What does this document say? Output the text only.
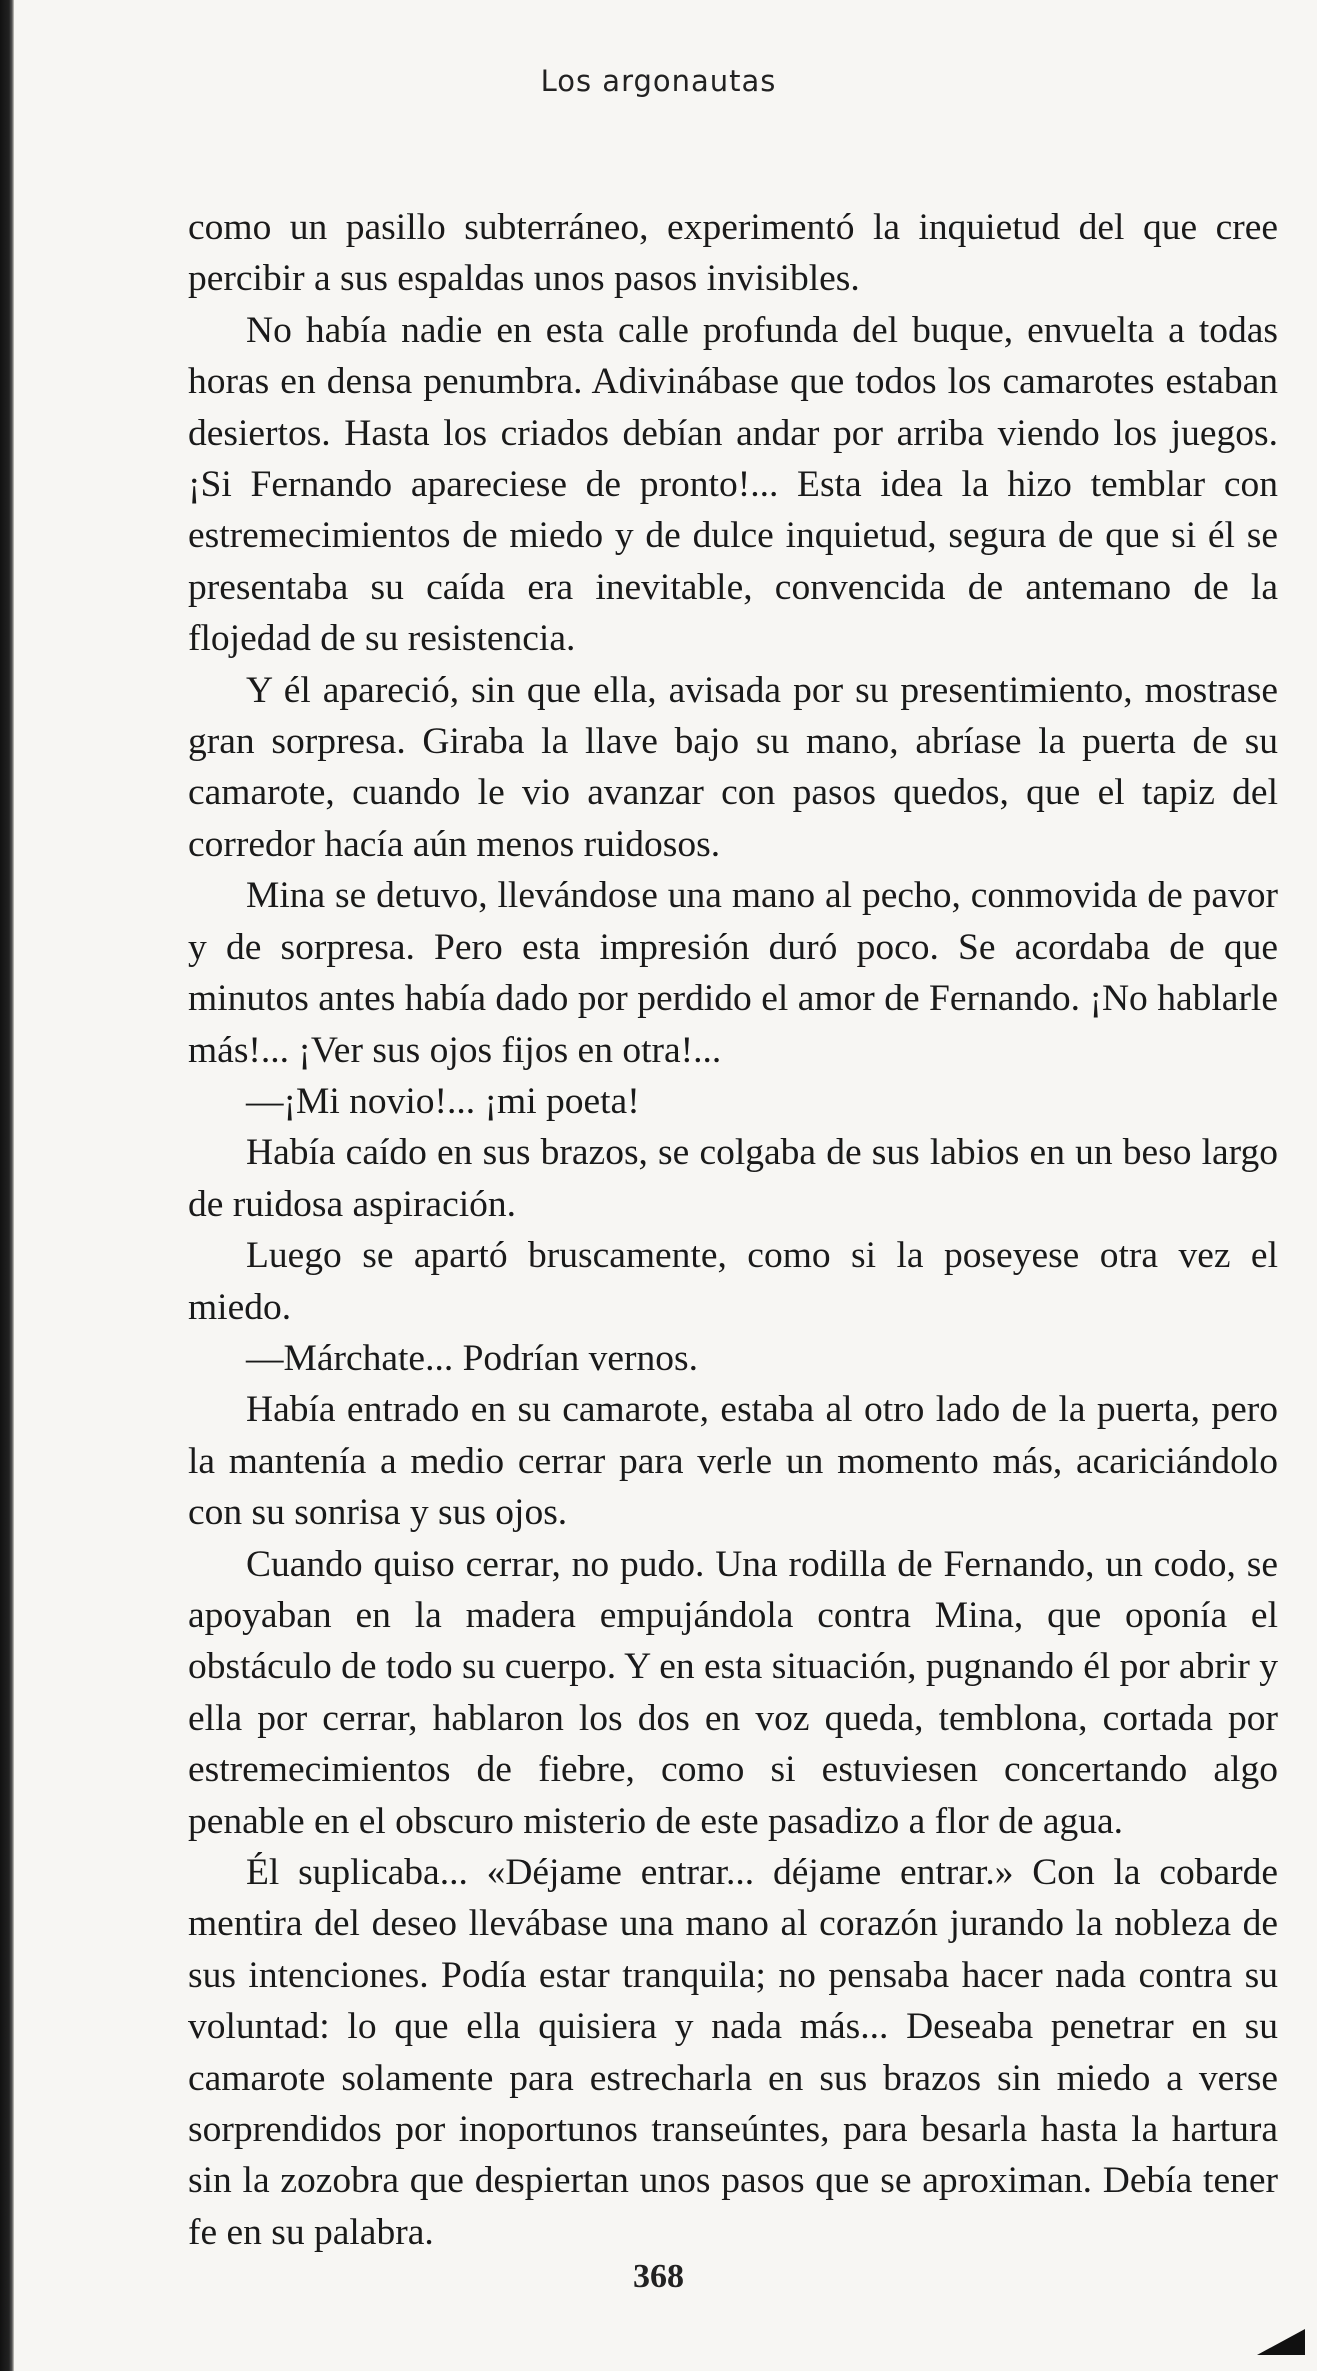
Los argonautas

como un pasillo subterráneo, experimentó la inquietud del que cree percibir a sus espaldas unos pasos invisibles.

No había nadie en esta calle profunda del buque, envuelta a todas horas en densa penumbra. Adivinábase que todos los camarotes estaban desiertos. Hasta los criados debían andar por arriba viendo los juegos. ¡Si Fernando apareciese de pronto!... Esta idea la hizo temblar con estremecimientos de miedo y de dulce inquietud, segura de que si él se presentaba su caída era inevitable, convencida de antemano de la flojedad de su resistencia.

Y él apareció, sin que ella, avisada por su presentimiento, mostrase gran sorpresa. Giraba la llave bajo su mano, abríase la puerta de su camarote, cuando le vio avanzar con pasos quedos, que el tapiz del corredor hacía aún menos ruidosos.

Mina se detuvo, llevándose una mano al pecho, conmovida de pavor y de sorpresa. Pero esta impresión duró poco. Se acordaba de que minutos antes había dado por perdido el amor de Fernando. ¡No hablarle más!... ¡Ver sus ojos fijos en otra!...

—¡Mi novio!... ¡mi poeta!

Había caído en sus brazos, se colgaba de sus labios en un beso largo de ruidosa aspiración.

Luego se apartó bruscamente, como si la poseyese otra vez el miedo.

—Márchate... Podrían vernos.

Había entrado en su camarote, estaba al otro lado de la puerta, pero la mantenía a medio cerrar para verle un momento más, acariciándolo con su sonrisa y sus ojos.

Cuando quiso cerrar, no pudo. Una rodilla de Fernando, un codo, se apoyaban en la madera empujándola contra Mina, que oponía el obstáculo de todo su cuerpo. Y en esta situación, pugnando él por abrir y ella por cerrar, hablaron los dos en voz queda, temblona, cortada por estremecimientos de fiebre, como si estuviesen concertando algo penable en el obscuro misterio de este pasadizo a flor de agua.

Él suplicaba... «Déjame entrar... déjame entrar.» Con la cobarde mentira del deseo llevábase una mano al corazón jurando la nobleza de sus intenciones. Podía estar tranquila; no pensaba hacer nada contra su voluntad: lo que ella quisiera y nada más... Deseaba penetrar en su camarote solamente para estrecharla en sus brazos sin miedo a verse sorprendidos por inoportunos transeúntes, para besarla hasta la hartura sin la zozobra que despiertan unos pasos que se aproximan. Debía tener fe en su palabra.

368
